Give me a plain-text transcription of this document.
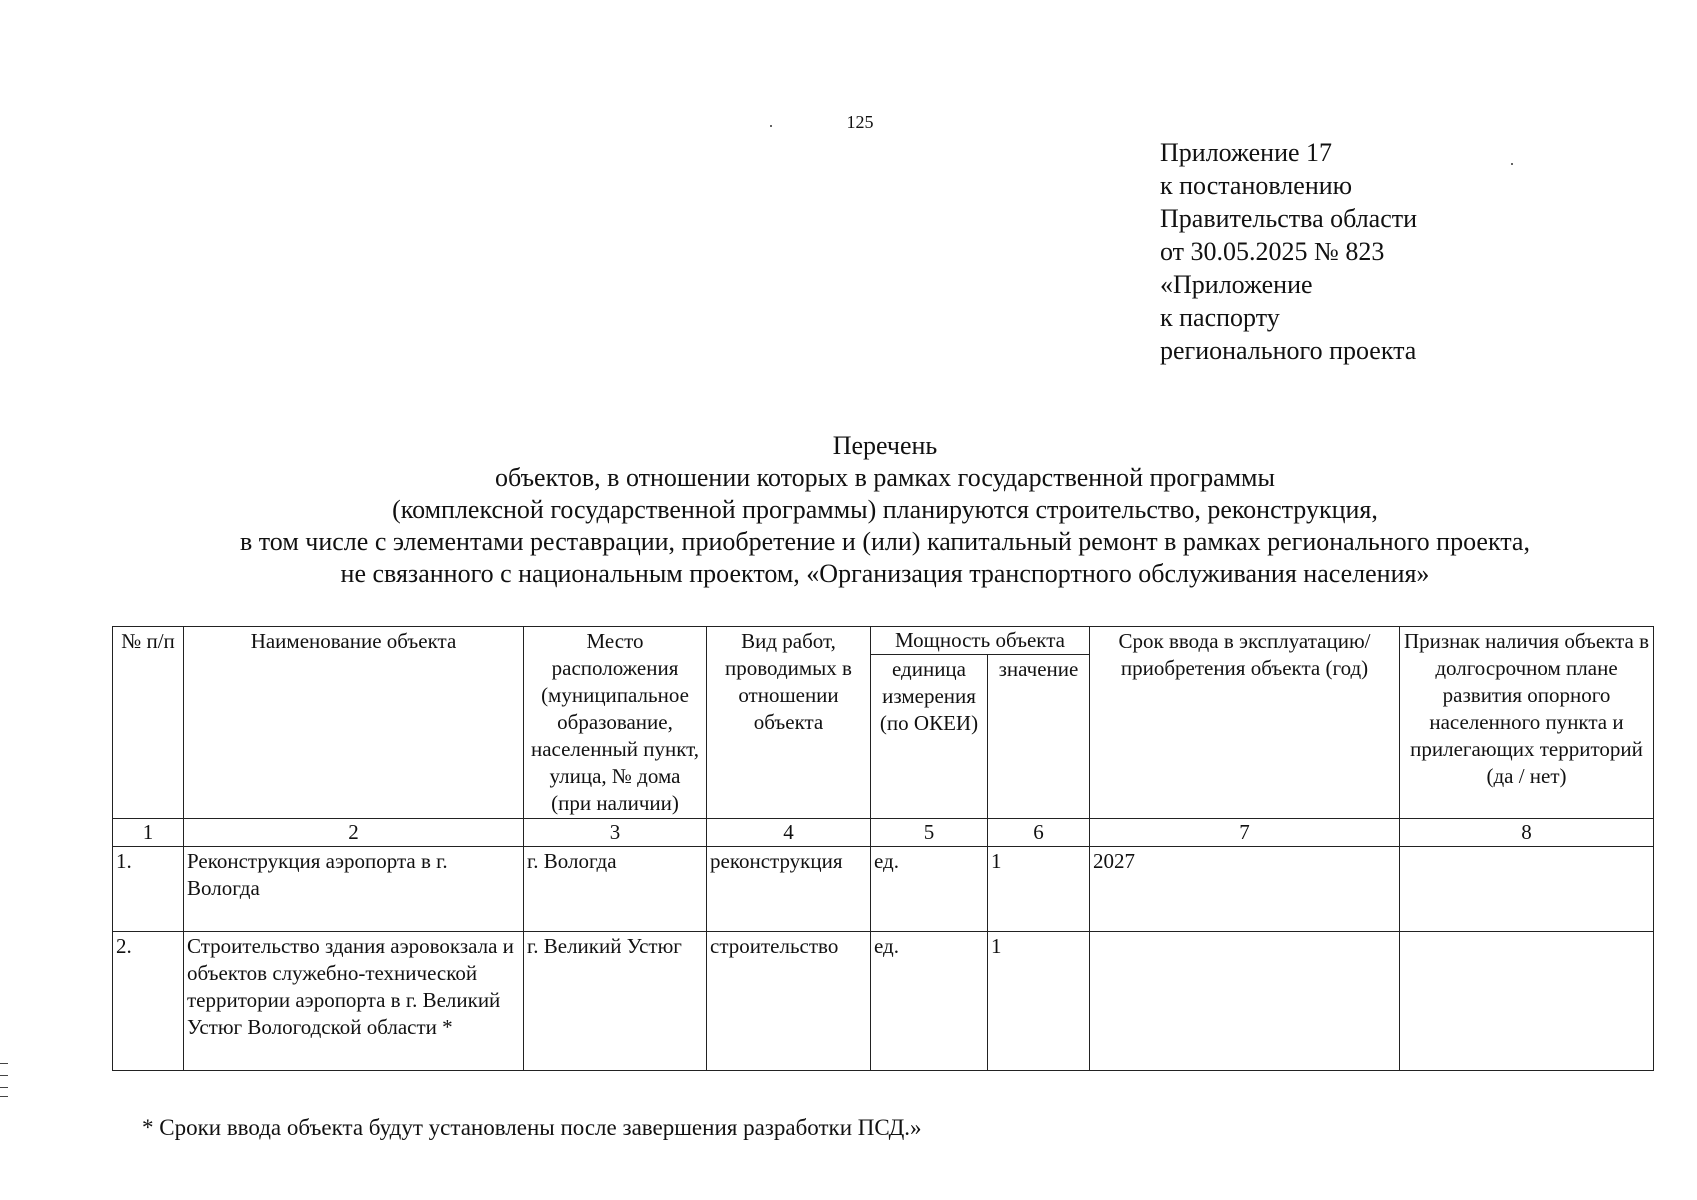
125
Приложение 17
к постановлению
Правительства области
от 30.05.2025 № 823
«Приложение
к паспорту
регионального проекта
Перечень
объектов, в отношении которых в рамках государственной программы
(комплексной государственной программы) планируются строительство, реконструкция,
в том числе с элементами реставрации, приобретение и (или) капитальный ремонт в рамках регионального проекта,
не связанного с национальным проектом, «Организация транспортного обслуживания населения»
№ п/п	Наименование объекта	Место расположения (муниципальное образование, населенный пункт, улица, № дома (при наличии)	Вид работ, проводимых в отношении объекта	Мощность объекта		Срок ввода в эксплуатацию/приобретения объекта (год)	Признак наличия объекта в долгосрочном плане развития опорного населенного пункта и прилегающих территорий (да / нет)
				единица измерения (по ОКЕИ)	значение		
1	2	3	4	5	6	7	8
1.	Реконструкция аэропорта в г. Вологда	г. Вологда	реконструкция	ед.	1	2027	
2.	Строительство здания аэровокзала и объектов служебно-технической территории аэропорта в г. Великий Устюг Вологодской области *	г. Великий Устюг	строительство	ед.	1		
* Сроки ввода объекта будут установлены после завершения разработки ПСД.»
